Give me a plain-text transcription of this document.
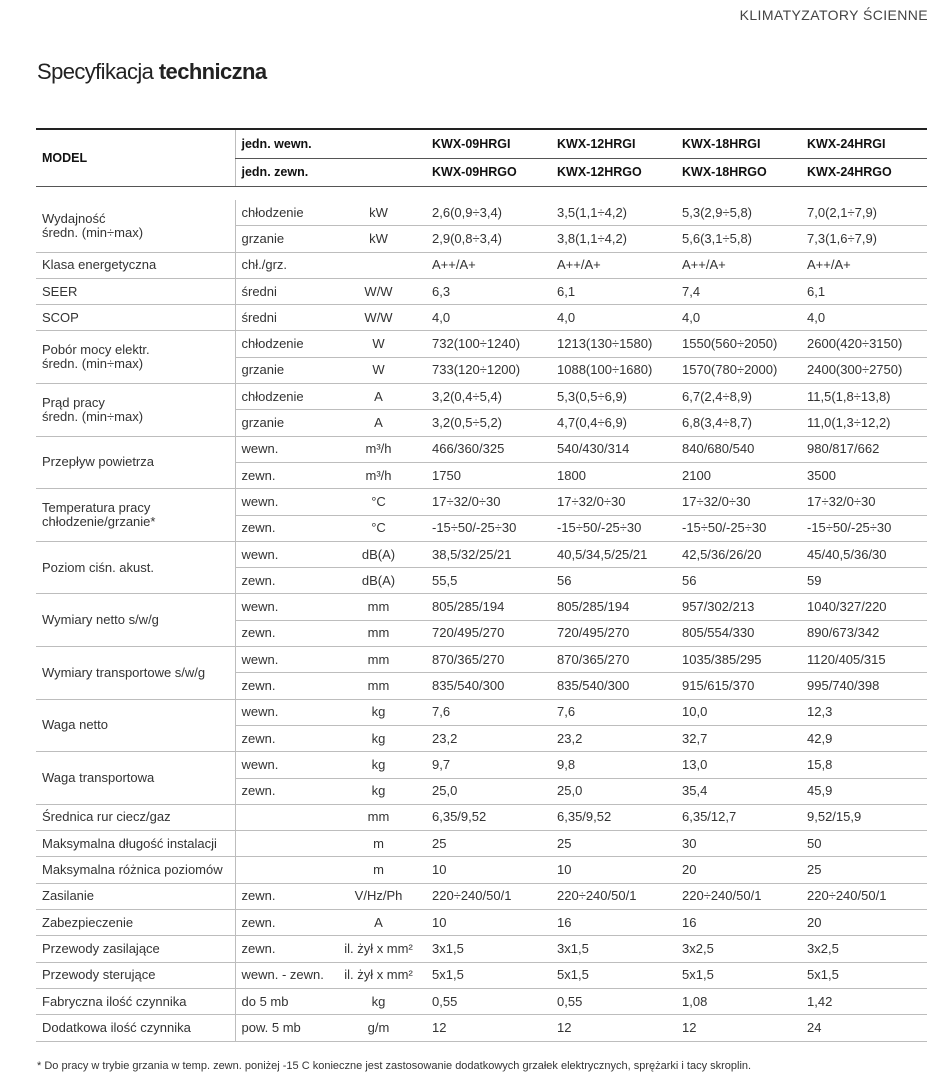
KLIMATYZATORY ŚCIENNE
Specyfikacja techniczna
MODEL	jedn. wewn.		KWX-09HRGI	KWX-12HRGI	KWX-18HRGI	KWX-24HRGI
	jedn. zewn.		KWX-09HRGO	KWX-12HRGO	KWX-18HRGO	KWX-24HRGO

Wydajność
średn. (min÷max)	chłodzenie	kW	2,6(0,9÷3,4)	3,5(1,1÷4,2)	5,3(2,9÷5,8)	7,0(2,1÷7,9)
	grzanie	kW	2,9(0,8÷3,4)	3,8(1,1÷4,2)	5,6(3,1÷5,8)	7,3(1,6÷7,9)
Klasa energetyczna	chł./grz.		A++/A+	A++/A+	A++/A+	A++/A+
SEER	średni	W/W	6,3	6,1	7,4	6,1
SCOP	średni	W/W	4,0	4,0	4,0	4,0
Pobór mocy elektr.
średn. (min÷max)	chłodzenie	W	732(100÷1240)	1213(130÷1580)	1550(560÷2050)	2600(420÷3150)
	grzanie	W	733(120÷1200)	1088(100÷1680)	1570(780÷2000)	2400(300÷2750)
Prąd pracy
średn. (min÷max)	chłodzenie	A	3,2(0,4÷5,4)	5,3(0,5÷6,9)	6,7(2,4÷8,9)	11,5(1,8÷13,8)
	grzanie	A	3,2(0,5÷5,2)	4,7(0,4÷6,9)	6,8(3,4÷8,7)	11,0(1,3÷12,2)
Przepływ powietrza	wewn.	m³/h	466/360/325	540/430/314	840/680/540	980/817/662
	zewn.	m³/h	1750	1800	2100	3500
Temperatura pracy
chłodzenie/grzanie*	wewn.	°C	17÷32/0÷30	17÷32/0÷30	17÷32/0÷30	17÷32/0÷30
	zewn.	°C	-15÷50/-25÷30	-15÷50/-25÷30	-15÷50/-25÷30	-15÷50/-25÷30
Poziom ciśn. akust.	wewn.	dB(A)	38,5/32/25/21	40,5/34,5/25/21	42,5/36/26/20	45/40,5/36/30
	zewn.	dB(A)	55,5	56	56	59
Wymiary netto s/w/g	wewn.	mm	805/285/194	805/285/194	957/302/213	1040/327/220
	zewn.	mm	720/495/270	720/495/270	805/554/330	890/673/342
Wymiary transportowe s/w/g	wewn.	mm	870/365/270	870/365/270	1035/385/295	1120/405/315
	zewn.	mm	835/540/300	835/540/300	915/615/370	995/740/398
Waga netto	wewn.	kg	7,6	7,6	10,0	12,3
	zewn.	kg	23,2	23,2	32,7	42,9
Waga transportowa	wewn.	kg	9,7	9,8	13,0	15,8
	zewn.	kg	25,0	25,0	35,4	45,9
Średnica rur ciecz/gaz		mm	6,35/9,52	6,35/9,52	6,35/12,7	9,52/15,9
Maksymalna długość instalacji		m	25	25	30	50
Maksymalna różnica poziomów		m	10	10	20	25
Zasilanie	zewn.	V/Hz/Ph	220÷240/50/1	220÷240/50/1	220÷240/50/1	220÷240/50/1
Zabezpieczenie	zewn.	A	10	16	16	20
Przewody zasilające	zewn.	il. żył x mm²	3x1,5	3x1,5	3x2,5	3x2,5
Przewody sterujące	wewn. - zewn.	il. żył x mm²	5x1,5	5x1,5	5x1,5	5x1,5
Fabryczna ilość czynnika	do 5 mb	kg	0,55	0,55	1,08	1,42
Dodatkowa ilość czynnika	pow. 5 mb	g/m	12	12	12	24
* Do pracy w trybie grzania w temp. zewn. poniżej -15 C konieczne jest zastosowanie dodatkowych grzałek elektrycznych, sprężarki i tacy skroplin.
